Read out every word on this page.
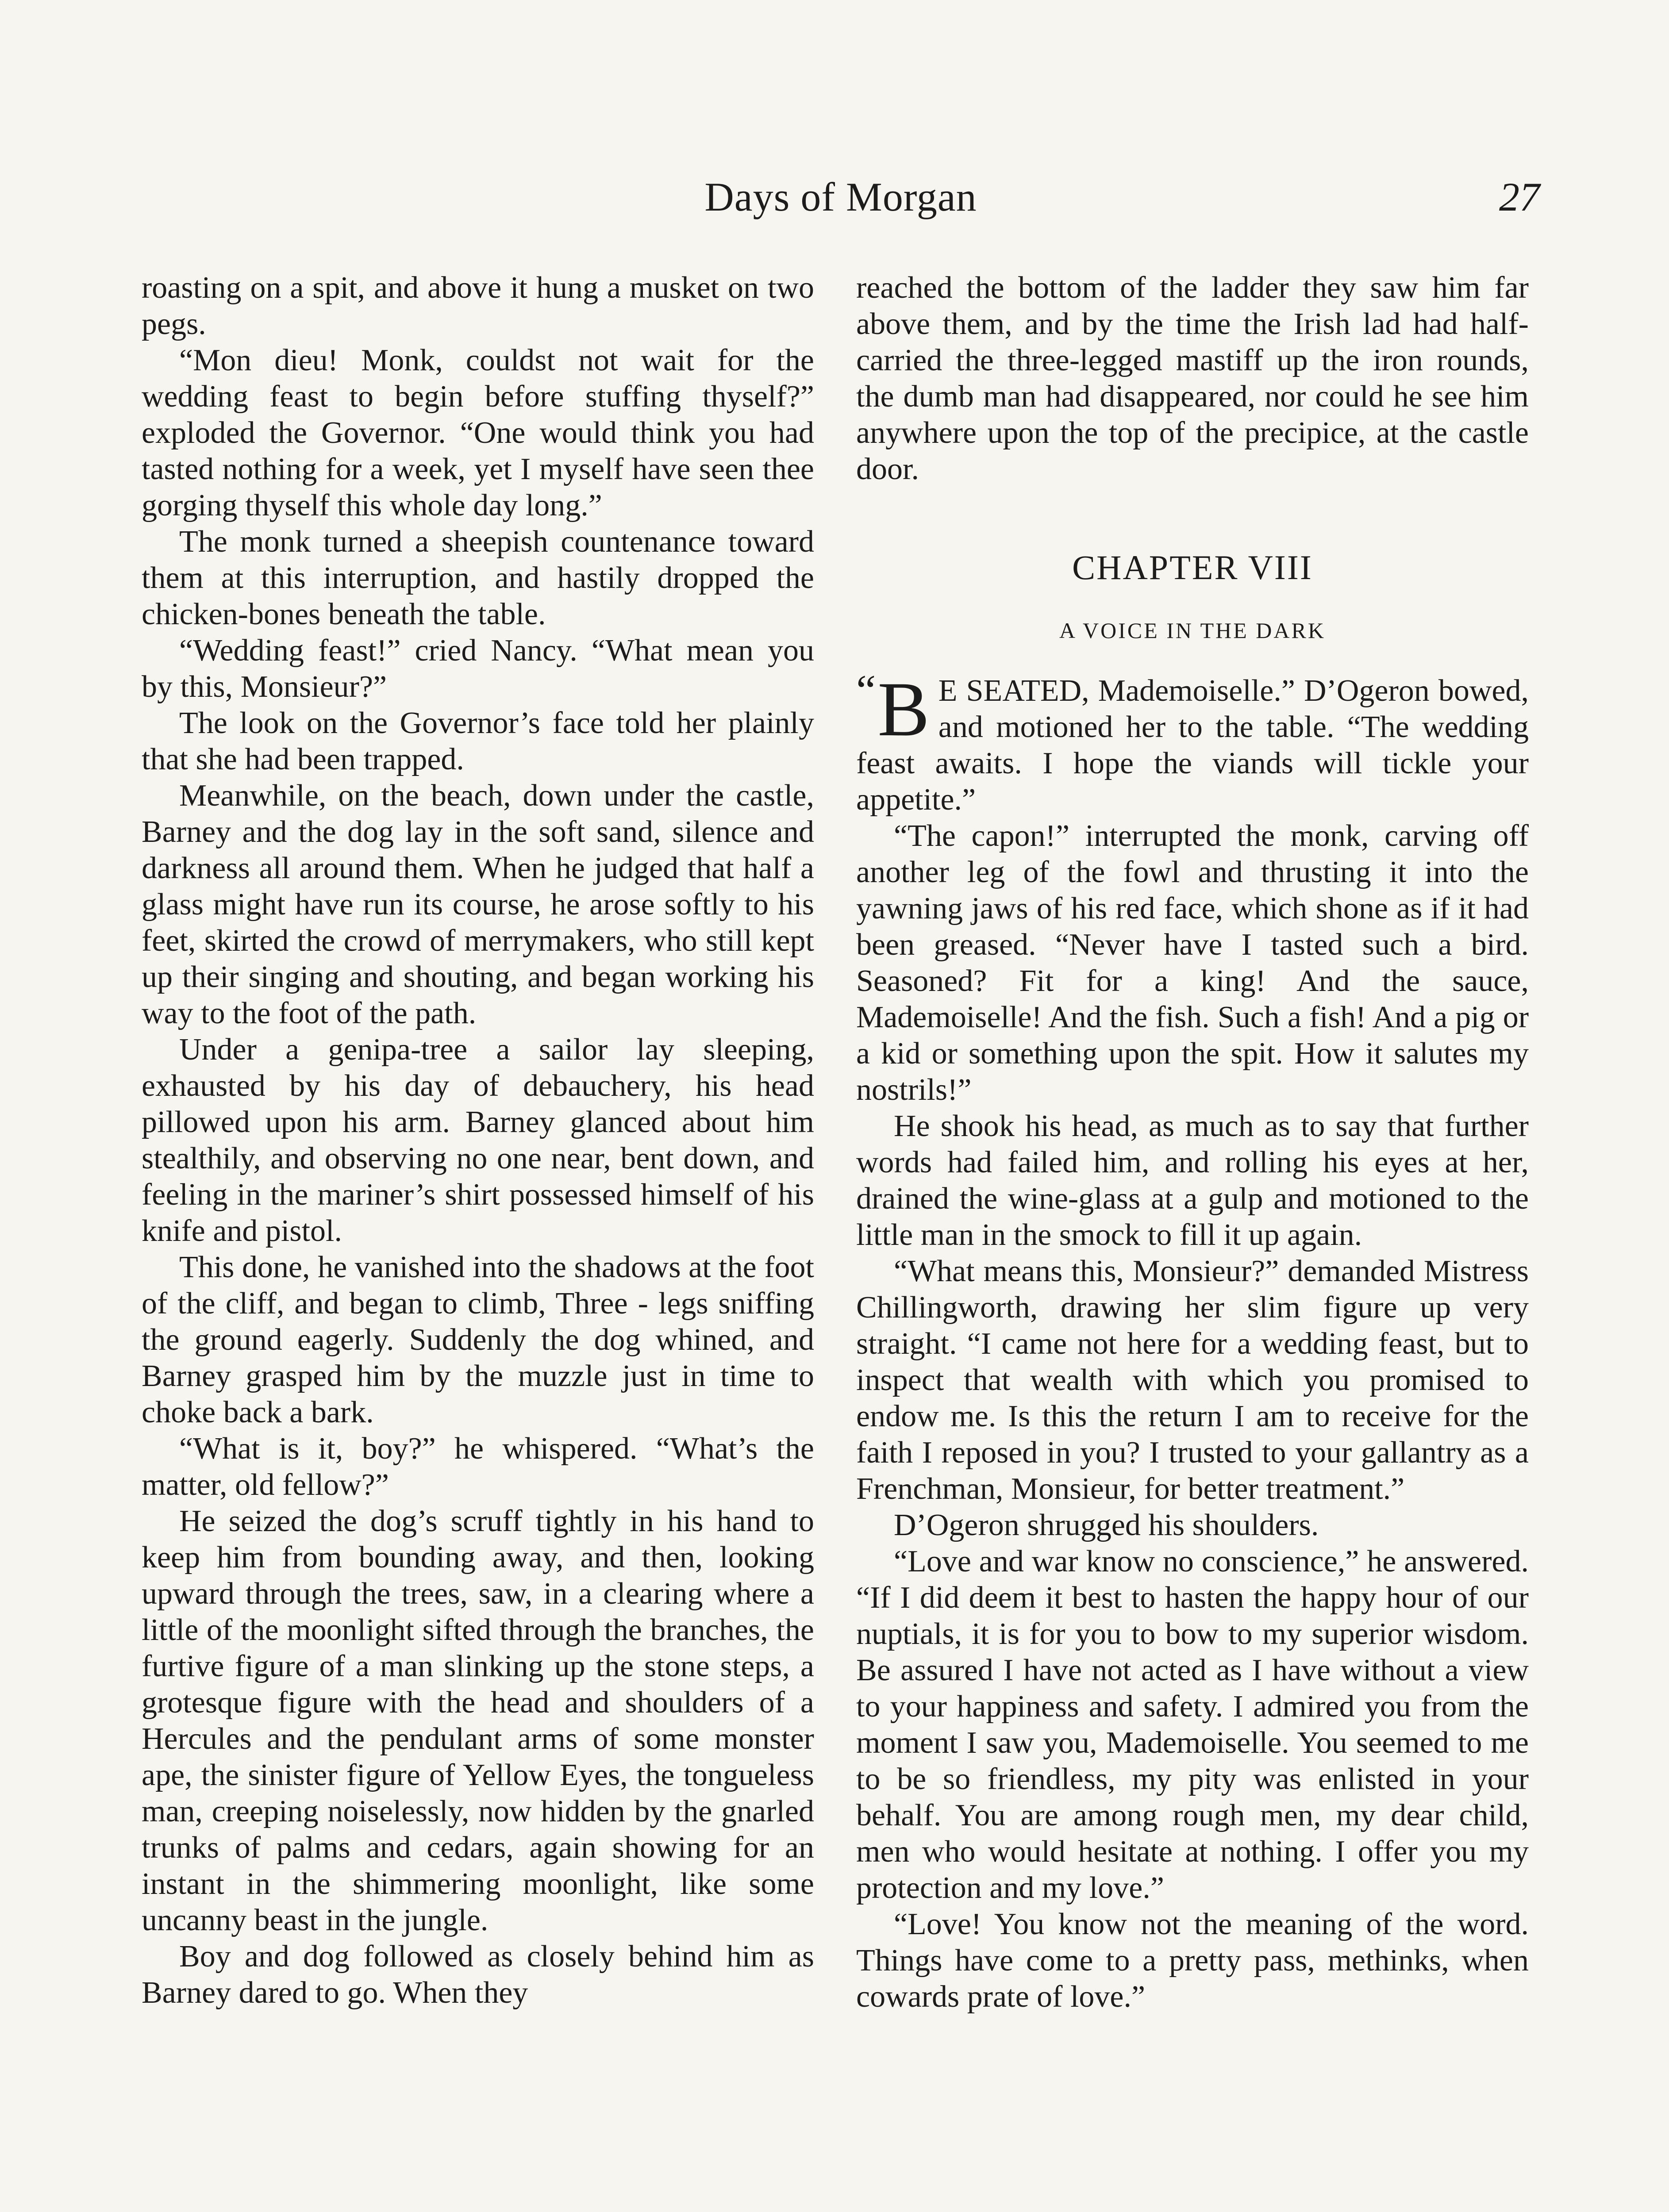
Days of Morgan	27

roasting on a spit, and above it hung a musket on two pegs.

“Mon dieu! Monk, couldst not wait for the wedding feast to begin before stuffing thyself?” exploded the Governor. “One would think you had tasted nothing for a week, yet I myself have seen thee gorging thyself this whole day long.”

The monk turned a sheepish countenance toward them at this interruption, and hastily dropped the chicken-bones beneath the table.

“Wedding feast!” cried Nancy. “What mean you by this, Monsieur?”

The look on the Governor’s face told her plainly that she had been trapped.

Meanwhile, on the beach, down under the castle, Barney and the dog lay in the soft sand, silence and darkness all around them. When he judged that half a glass might have run its course, he arose softly to his feet, skirted the crowd of merrymakers, who still kept up their singing and shouting, and began working his way to the foot of the path.

Under a genipa-tree a sailor lay sleeping, exhausted by his day of debauchery, his head pillowed upon his arm. Barney glanced about him stealthily, and observing no one near, bent down, and feeling in the mariner’s shirt possessed himself of his knife and pistol.

This done, he vanished into the shadows at the foot of the cliff, and began to climb, Three - legs sniffing the ground eagerly. Suddenly the dog whined, and Barney grasped him by the muzzle just in time to choke back a bark.

“What is it, boy?” he whispered. “What’s the matter, old fellow?”

He seized the dog’s scruff tightly in his hand to keep him from bounding away, and then, looking upward through the trees, saw, in a clearing where a little of the moonlight sifted through the branches, the furtive figure of a man slinking up the stone steps, a grotesque figure with the head and shoulders of a Hercules and the pendulant arms of some monster ape, the sinister figure of Yellow Eyes, the tongueless man, creeping noiselessly, now hidden by the gnarled trunks of palms and cedars, again showing for an instant in the shimmering moonlight, like some uncanny beast in the jungle.

Boy and dog followed as closely behind him as Barney dared to go. When they

reached the bottom of the ladder they saw him far above them, and by the time the Irish lad had half-carried the three-legged mastiff up the iron rounds, the dumb man had disappeared, nor could he see him anywhere upon the top of the precipice, at the castle door.

CHAPTER VIII
A VOICE IN THE DARK

“ B E SEATED, Mademoiselle.” D’Ogeron bowed, and motioned her to the table. “The wedding feast awaits. I hope the viands will tickle your appetite.”

“The capon!” interrupted the monk, carving off another leg of the fowl and thrusting it into the yawning jaws of his red face, which shone as if it had been greased. “Never have I tasted such a bird. Seasoned? Fit for a king! And the sauce, Mademoiselle! And the fish. Such a fish! And a pig or a kid or something upon the spit. How it salutes my nostrils!”

He shook his head, as much as to say that further words had failed him, and rolling his eyes at her, drained the wine-glass at a gulp and motioned to the little man in the smock to fill it up again.

“What means this, Monsieur?” demanded Mistress Chillingworth, drawing her slim figure up very straight. “I came not here for a wedding feast, but to inspect that wealth with which you promised to endow me. Is this the return I am to receive for the faith I reposed in you? I trusted to your gallantry as a Frenchman, Monsieur, for better treatment.”

D’Ogeron shrugged his shoulders.

“Love and war know no conscience,” he answered. “If I did deem it best to hasten the happy hour of our nuptials, it is for you to bow to my superior wisdom. Be assured I have not acted as I have without a view to your happiness and safety. I admired you from the moment I saw you, Mademoiselle. You seemed to me to be so friendless, my pity was enlisted in your behalf. You are among rough men, my dear child, men who would hesitate at nothing. I offer you my protection and my love.”

“Love! You know not the meaning of the word. Things have come to a pretty pass, methinks, when cowards prate of love.”
